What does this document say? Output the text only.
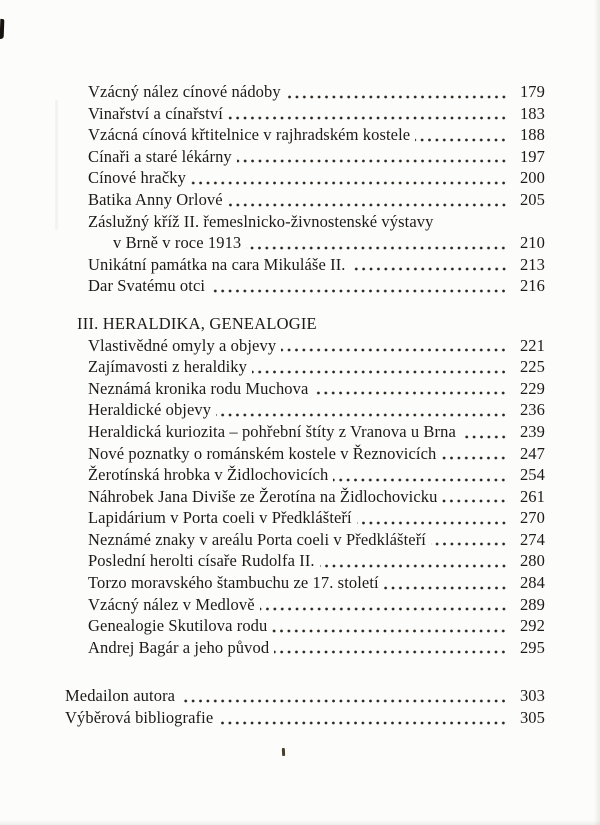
Vzácný nález cínové nádoby	179
Vinařství a cínařství	183
Vzácná cínová křtitelnice v rajhradském kostele	188
Cínaři a staré lékárny	197
Cínové hračky	200
Batika Anny Orlové	205
Záslužný kříž II. řemeslnicko-živnostenské výstavy
v Brně v roce 1913	210
Unikátní památka na cara Mikuláše II.	213
Dar Svatému otci	216
III. HERALDIKA, GENEALOGIE
Vlastivědné omyly a objevy	221
Zajímavosti z heraldiky	225
Neznámá kronika rodu Muchova	229
Heraldické objevy	236
Heraldická kuriozita – pohřební štíty z Vranova u Brna	239
Nové poznatky o románském kostele v Řeznovicích	247
Žerotínská hrobka v Židlochovicích	254
Náhrobek Jana Diviše ze Žerotína na Židlochovicku	261
Lapidárium v Porta coeli v Předklášteří	270
Neznámé znaky v areálu Porta coeli v Předklášteří	274
Poslední herolti císaře Rudolfa II.	280
Torzo moravského štambuchu ze 17. století	284
Vzácný nález v Medlově	289
Genealogie Skutilova rodu	292
Andrej Bagár a jeho původ	295
Medailon autora	303
Výběrová bibliografie	305
